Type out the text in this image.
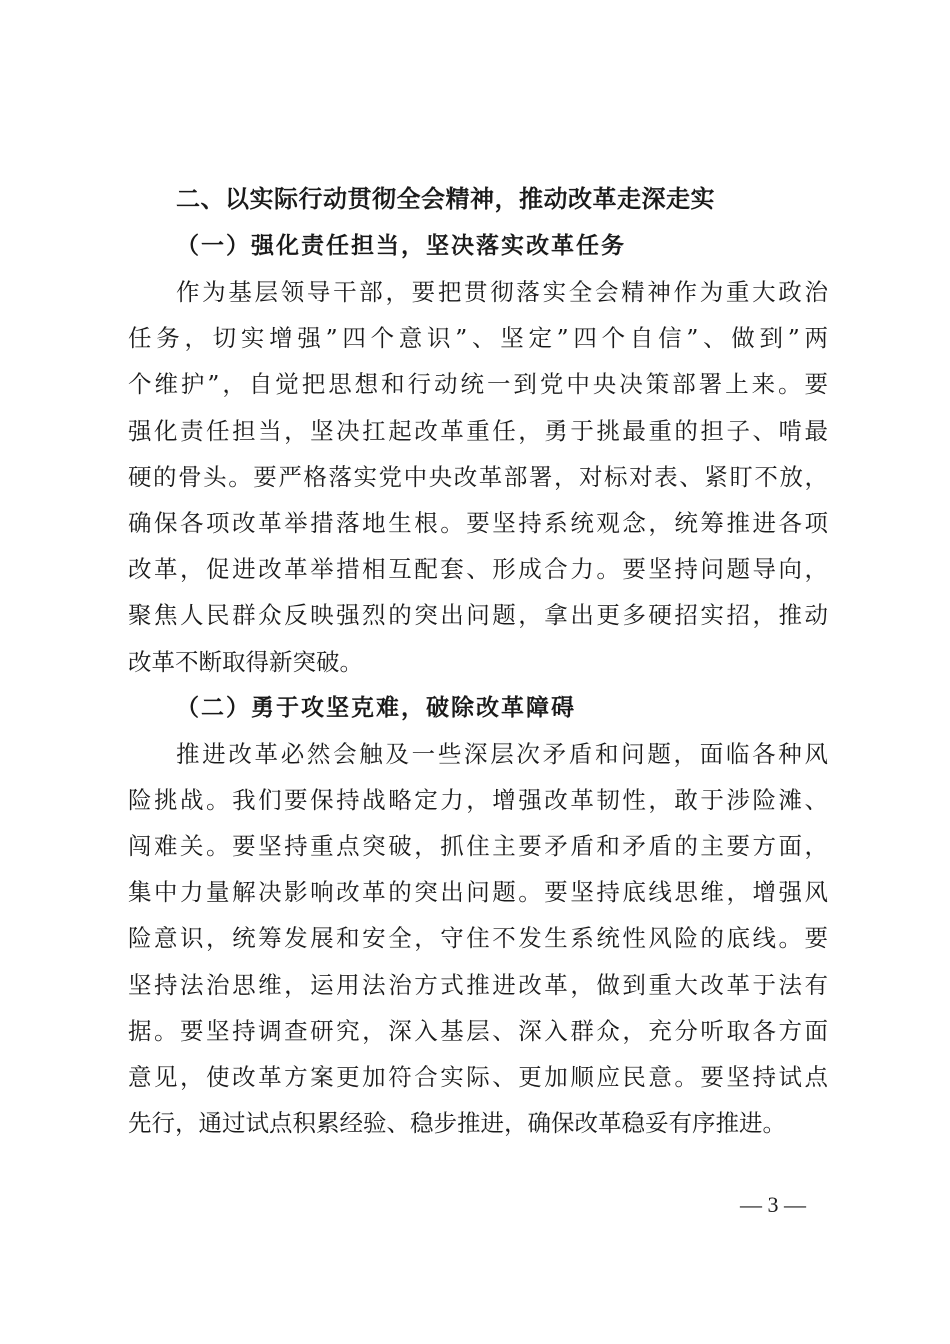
二、以实际行动贯彻全会精神，推动改革走深走实
（一）强化责任担当，坚决落实改革任务
作为基层领导干部，要把贯彻落实全会精神作为重大政治
任务，切实增强”四个意识”、坚定”四个自信”、做到”两
个维护”，自觉把思想和行动统一到党中央决策部署上来。要
强化责任担当，坚决扛起改革重任，勇于挑最重的担子、啃最
硬的骨头。要严格落实党中央改革部署，对标对表、紧盯不放，
确保各项改革举措落地生根。要坚持系统观念，统筹推进各项
改革，促进改革举措相互配套、形成合力。要坚持问题导向，
聚焦人民群众反映强烈的突出问题，拿出更多硬招实招，推动
改革不断取得新突破。
（二）勇于攻坚克难，破除改革障碍
推进改革必然会触及一些深层次矛盾和问题，面临各种风
险挑战。我们要保持战略定力，增强改革韧性，敢于涉险滩、
闯难关。要坚持重点突破，抓住主要矛盾和矛盾的主要方面，
集中力量解决影响改革的突出问题。要坚持底线思维，增强风
险意识，统筹发展和安全，守住不发生系统性风险的底线。要
坚持法治思维，运用法治方式推进改革，做到重大改革于法有
据。要坚持调查研究，深入基层、深入群众，充分听取各方面
意见，使改革方案更加符合实际、更加顺应民意。要坚持试点
先行，通过试点积累经验、稳步推进，确保改革稳妥有序推进。
— 3 —
